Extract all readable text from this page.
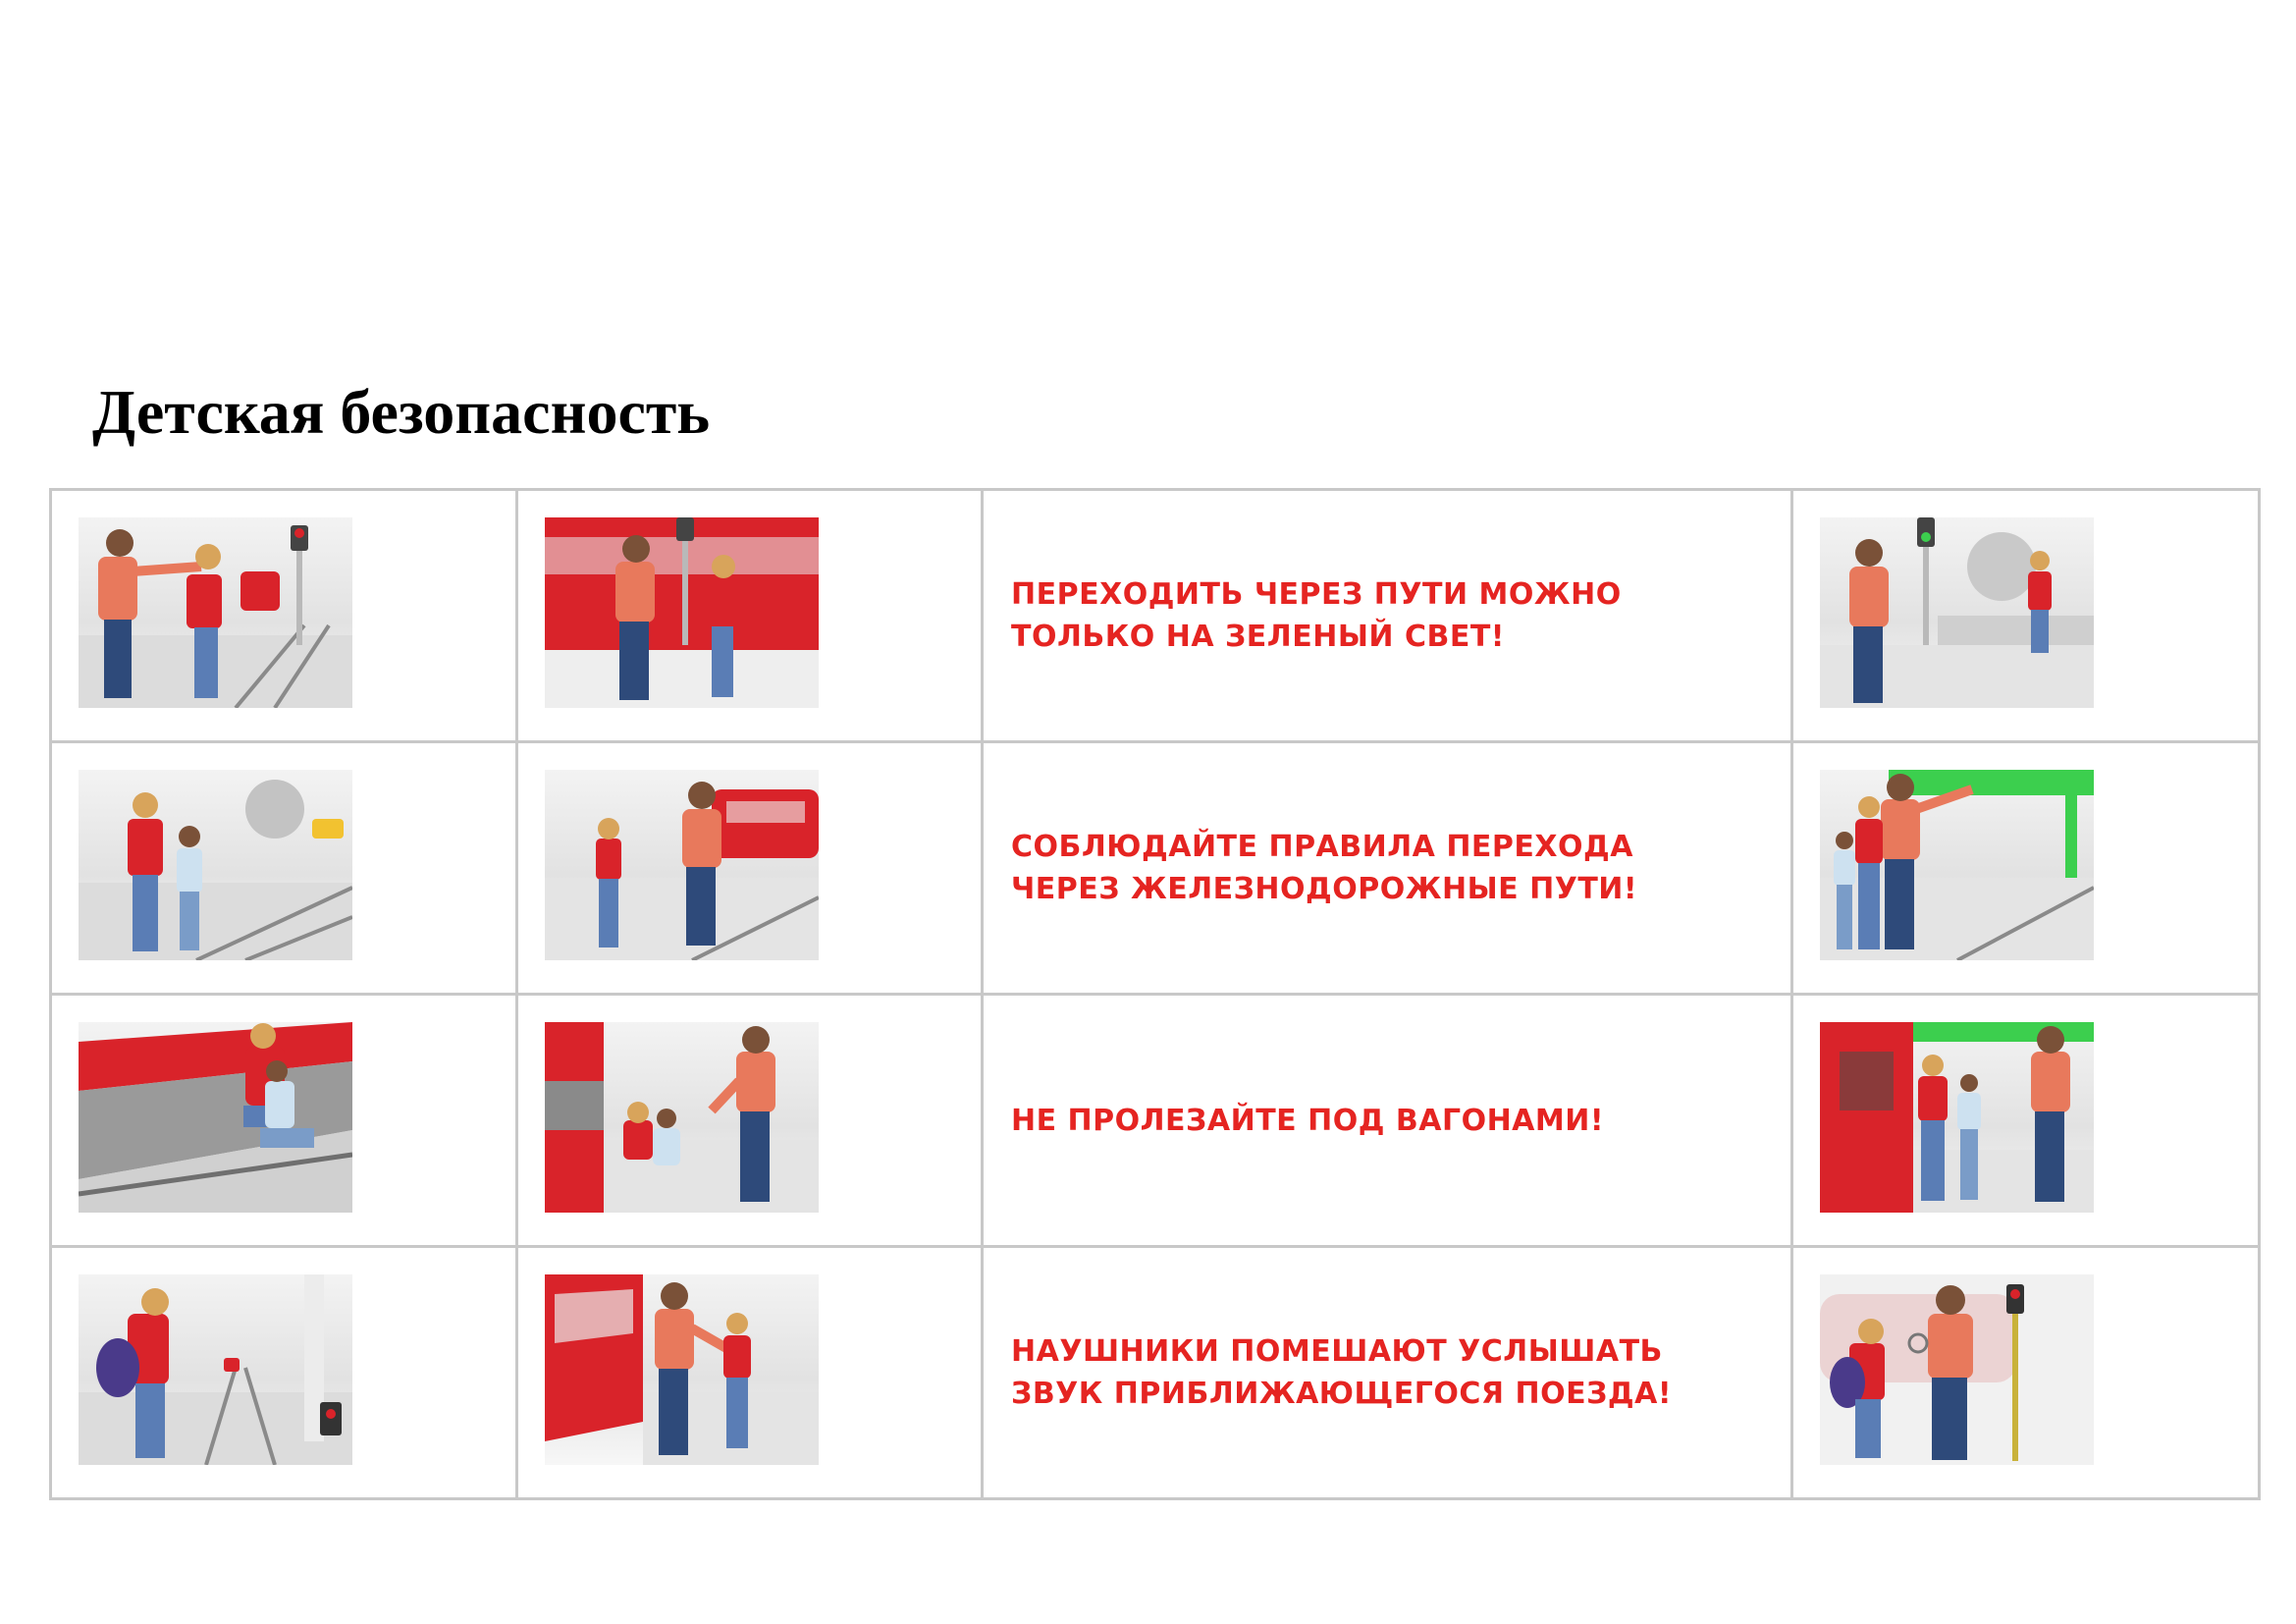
Детская безопасность

ПЕРЕХОДИТЬ ЧЕРЕЗ ПУТИ МОЖНО
ТОЛЬКО НА ЗЕЛЕНЫЙ СВЕТ!

СОБЛЮДАЙТЕ ПРАВИЛА ПЕРЕХОДА
ЧЕРЕЗ ЖЕЛЕЗНОДОРОЖНЫЕ ПУТИ!

НЕ ПРОЛЕЗАЙТЕ ПОД ВАГОНАМИ!

НАУШНИКИ ПОМЕШАЮТ УСЛЫШАТЬ
ЗВУК ПРИБЛИЖАЮЩЕГОСЯ ПОЕЗДА!
